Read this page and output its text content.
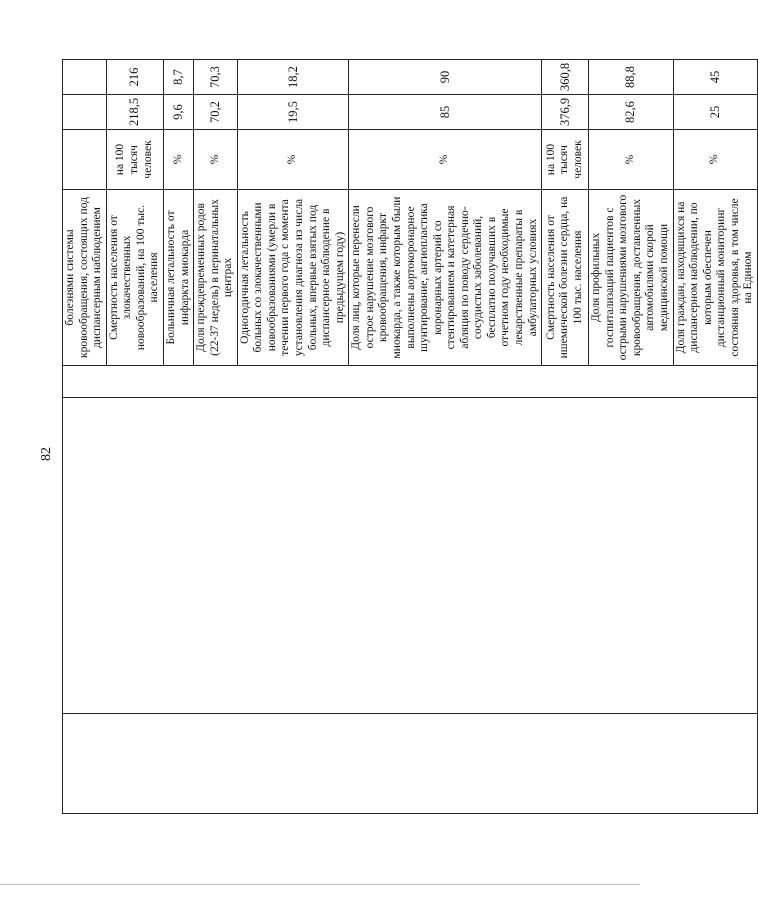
82
			болезнями системы кровообращения, состоящих под диспансерным наблюдением				
			Смертность населения от злокачественных новообразований, на 100 тыс. населения	на 100 тысяч человек	218,5	216	
			Больничная летальность от инфаркта миокарда	%	9,6	8,7	
			Доля преждевременных родов (22-37 недель) в перинатальных центрах	%	70,2	70,3	
			Одногодичная летальность больных со злокачественными новообразованиями (умерли в течении первого года с момента установления диагноза из числа больных, впервые взятых под диспансерное наблюдение в предыдущем году)	%	19,5	18,2	
			Доля лиц, которые перенесли острое нарушение мозгового кровообращения, инфаркт миокарда, а также которым были выполнены аортокоронарное шунтирование, ангиопластика коронарных артерий со стентированием и катетерная абляция по поводу сердечно-сосудистых заболеваний, бесплатно получавших в отчетном году необходимые лекарственные препараты в амбулаторных условиях	%	85	90	
			Смертность населения от ишемической болезни сердца, на 100 тыс. населения	на 100 тысяч человек	376,9	360,8	
			Доля профильных госпитализаций пациентов с острыми нарушениями мозгового кровообращения, доставленных автомобилями скорой медицинской помощи	%	82,6	88,8	
			Доля граждан, находящихся на диспансерном наблюдении, по которым обеспечен дистанционный мониторинг состояния здоровья, в том числе на Едином	%	25	45	
